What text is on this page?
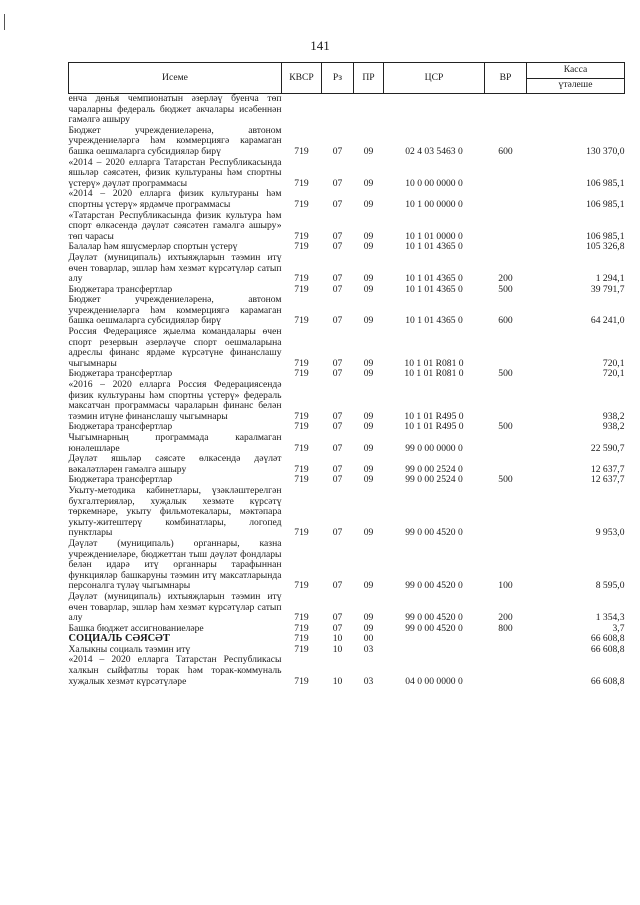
141
Исеме	КВСР	Рз	ПР	ЦСР	ВР	Касса
үтәлеше
енча дөнья чемпионатын әзерләү буенча төп чараларны федераль бюджет акчалары исәбеннән гамәлгә ашыру						
Бюджет учреждениеләренә, автоном учреждениеләргә һәм коммерциягә карамаган башка оешмаларга субсидияләр бирү	719	07	09	02 4 03 5463 0	600	130 370,0
«2014 – 2020 елларга Татарстан Республикасында яшьләр сәясәтен, физик культураны һәм спортны үстерү» дәүләт программасы	719	07	09	10 0 00 0000 0		106 985,1
«2014 – 2020 елларга физик культураны һәм спортны үстерү» ярдәмче программасы	719	07	09	10 1 00 0000 0		106 985,1
«Татарстан Республикасында физик культура һәм спорт өлкәсендә дәүләт сәясәтен гамәлгә ашыру» төп чарасы	719	07	09	10 1 01 0000 0		106 985,1
Балалар һәм яшүсмерләр спортын үстерү	719	07	09	10 1 01 4365 0		105 326,8
Дәүләт (муниципаль) ихтыяҗларын тәэмин итү өчен товарлар, эшләр һәм хезмәт күрсәтүләр сатып алу	719	07	09	10 1 01 4365 0	200	1 294,1
Бюджетара трансфертлар	719	07	09	10 1 01 4365 0	500	39 791,7
Бюджет учреждениеләренә, автоном учреждениеләргә һәм коммерциягә карамаган башка оешмаларга субсидияләр бирү	719	07	09	10 1 01 4365 0	600	64 241,0
Россия Федерациясе җыелма командалары өчен спорт резервын әзерләүче спорт оешмаларына адреслы финанс ярдәме күрсәтүне финанслашу чыгымнары	719	07	09	10 1 01 R081 0		720,1
Бюджетара трансфертлар	719	07	09	10 1 01 R081 0	500	720,1
«2016 – 2020 елларга Россия Федерациясендә физик культураны һәм спортны үстерү» федераль максатчан программасы чараларын финанс белән тәэмин итүне финанслашу чыгымнары	719	07	09	10 1 01 R495 0		938,2
Бюджетара трансфертлар	719	07	09	10 1 01 R495 0	500	938,2
Чыгымнарның программада каралмаган юнәлешләре	719	07	09	99 0 00 0000 0		22 590,7
Дәүләт яшьләр сәясәте өлкәсендә дәүләт вәкаләтләрен гамәлгә ашыру	719	07	09	99 0 00 2524 0		12 637,7
Бюджетара трансфертлар	719	07	09	99 0 00 2524 0	500	12 637,7
Укыту-методика кабинетлары, үзәкләштерелгән бухгалтерияләр, хуҗалык хезмәте күрсәтү төркемнәре, укыту фильмотекалары, мәктәпара укыту-житештерү комбинатлары, логопед пунктлары	719	07	09	99 0 00 4520 0		9 953,0
Дәүләт (муниципаль) органнары, казна учреждениеләре, бюджеттан тыш дәүләт фондлары белән идарә итү органнары тарафыннан функцияләр башкаруны тәэмин итү максатларында персоналга түләү чыгымнары	719	07	09	99 0 00 4520 0	100	8 595,0
Дәүләт (муниципаль) ихтыяҗларын тәэмин итү өчен товарлар, эшләр һәм хезмәт күрсәтүләр сатып алу	719	07	09	99 0 00 4520 0	200	1 354,3
Башка бюджет ассигнованиеләре	719	07	09	99 0 00 4520 0	800	3,7
СОЦИАЛЬ СӘЯСӘТ	719	10	00			66 608,8
Халыкны социаль тәэмин итү	719	10	03			66 608,8
«2014 – 2020 елларга Татарстан Республикасы халкын сыйфатлы торак һәм торак-коммуналь хуҗалык хезмәт күрсәтүләре	719	10	03	04 0 00 0000 0		66 608,8
